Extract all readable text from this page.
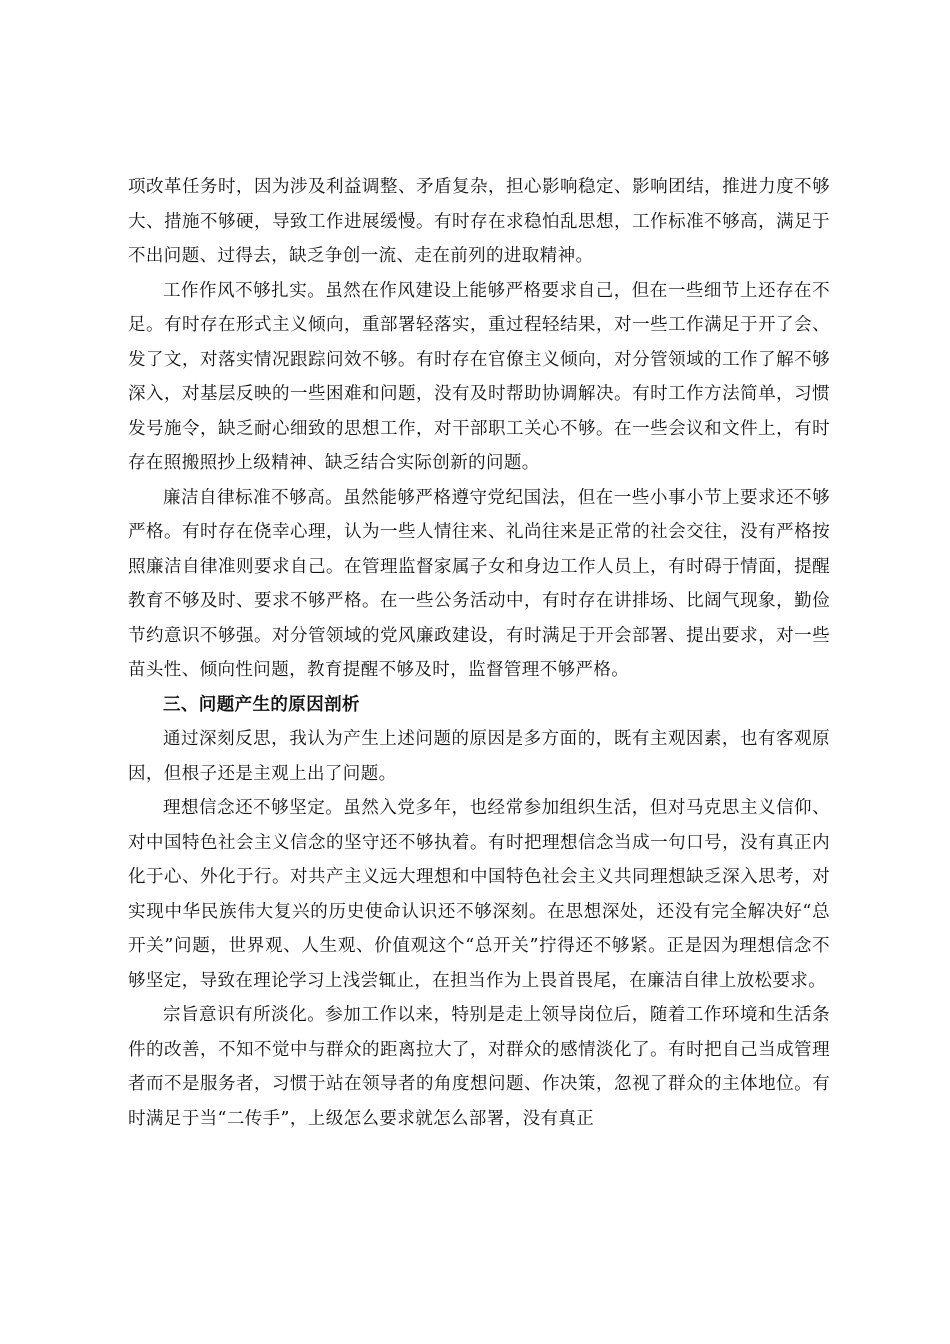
项改革任务时，因为涉及利益调整、矛盾复杂，担心影响稳定、影响团结，推进力度不够大、措施不够硬，导致工作进展缓慢。有时存在求稳怕乱思想，工作标准不够高，满足于不出问题、过得去，缺乏争创一流、走在前列的进取精神。

工作作风不够扎实。虽然在作风建设上能够严格要求自己，但在一些细节上还存在不足。有时存在形式主义倾向，重部署轻落实，重过程轻结果，对一些工作满足于开了会、发了文，对落实情况跟踪问效不够。有时存在官僚主义倾向，对分管领域的工作了解不够深入，对基层反映的一些困难和问题，没有及时帮助协调解决。有时工作方法简单，习惯发号施令，缺乏耐心细致的思想工作，对干部职工关心不够。在一些会议和文件上，有时存在照搬照抄上级精神、缺乏结合实际创新的问题。

廉洁自律标准不够高。虽然能够严格遵守党纪国法，但在一些小事小节上要求还不够严格。有时存在侥幸心理，认为一些人情往来、礼尚往来是正常的社会交往，没有严格按照廉洁自律准则要求自己。在管理监督家属子女和身边工作人员上，有时碍于情面，提醒教育不够及时、要求不够严格。在一些公务活动中，有时存在讲排场、比阔气现象，勤俭节约意识不够强。对分管领域的党风廉政建设，有时满足于开会部署、提出要求，对一些苗头性、倾向性问题，教育提醒不够及时，监督管理不够严格。

三、问题产生的原因剖析

通过深刻反思，我认为产生上述问题的原因是多方面的，既有主观因素，也有客观原因，但根子还是主观上出了问题。

理想信念还不够坚定。虽然入党多年，也经常参加组织生活，但对马克思主义信仰、对中国特色社会主义信念的坚守还不够执着。有时把理想信念当成一句口号，没有真正内化于心、外化于行。对共产主义远大理想和中国特色社会主义共同理想缺乏深入思考，对实现中华民族伟大复兴的历史使命认识还不够深刻。在思想深处，还没有完全解决好“总开关”问题，世界观、人生观、价值观这个“总开关”拧得还不够紧。正是因为理想信念不够坚定，导致在理论学习上浅尝辄止，在担当作为上畏首畏尾，在廉洁自律上放松要求。

宗旨意识有所淡化。参加工作以来，特别是走上领导岗位后，随着工作环境和生活条件的改善，不知不觉中与群众的距离拉大了，对群众的感情淡化了。有时把自己当成管理者而不是服务者，习惯于站在领导者的角度想问题、作决策，忽视了群众的主体地位。有时满足于当“二传手”，上级怎么要求就怎么部署，没有真正
